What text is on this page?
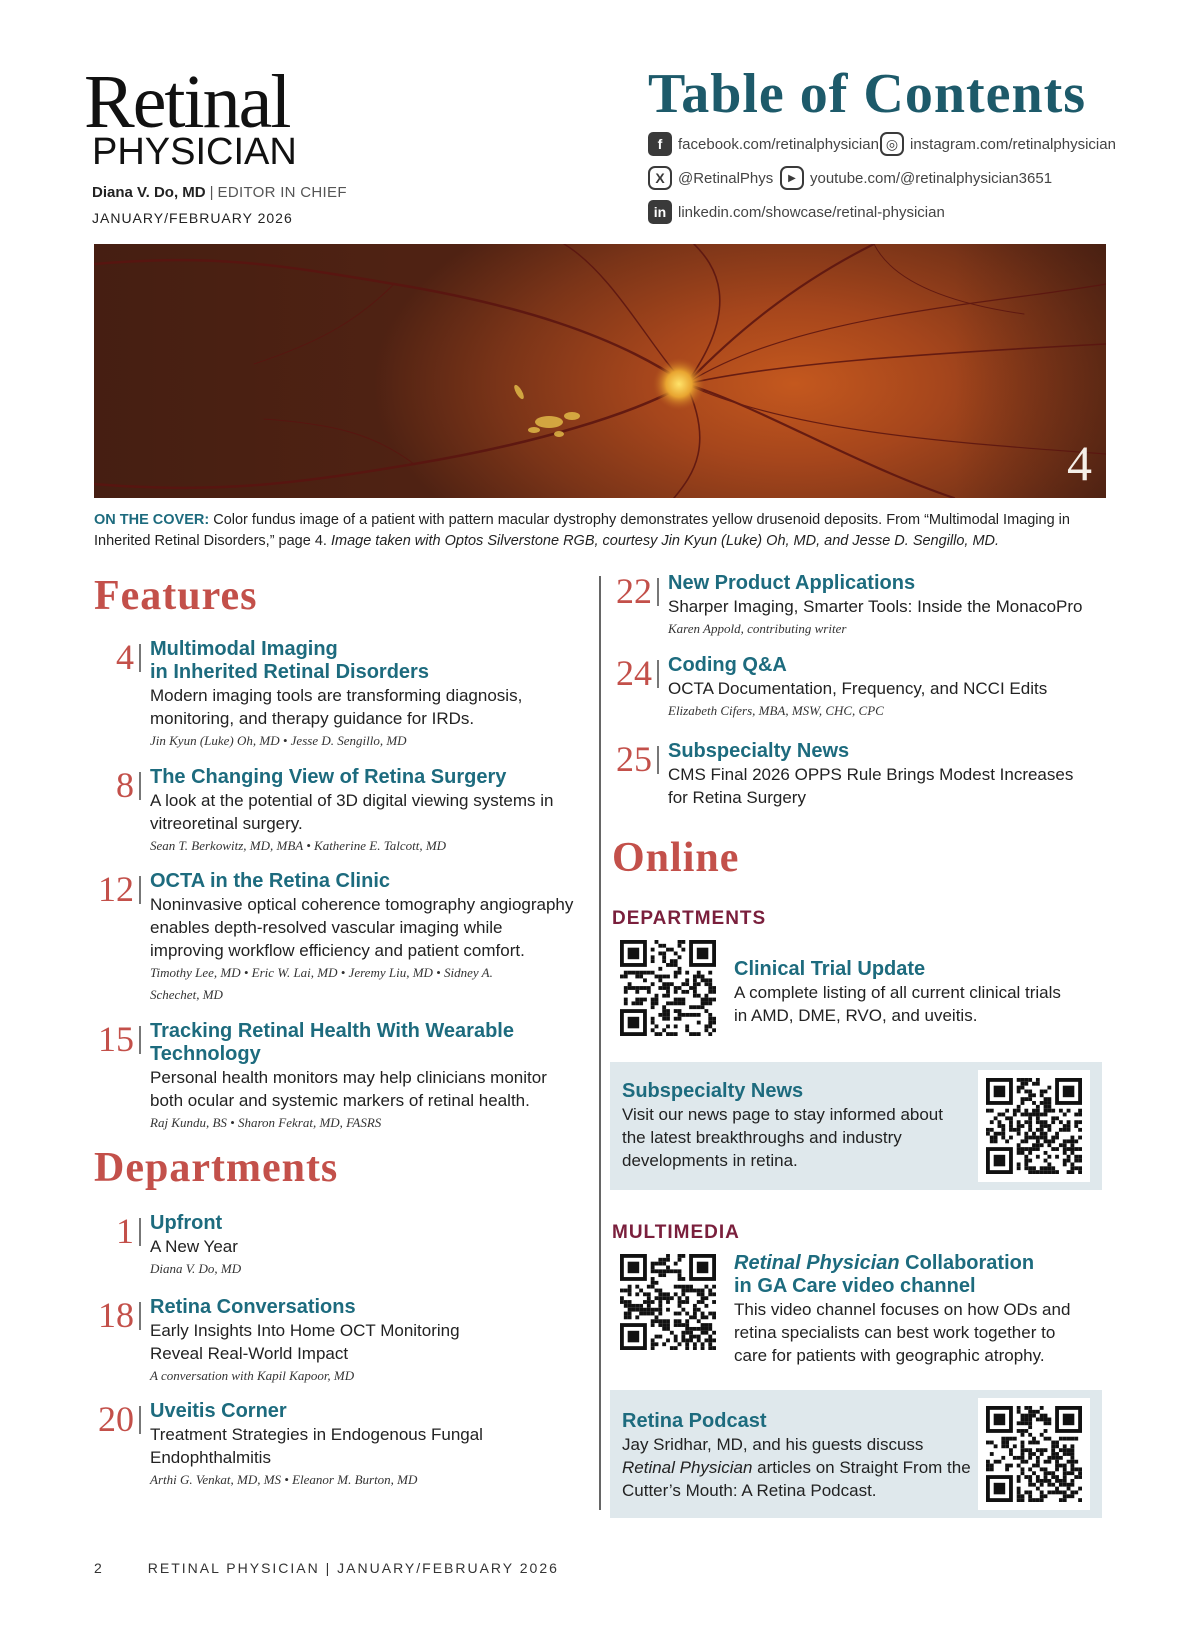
Retinal
PHYSICIAN
Diana V. Do, MD | EDITOR IN CHIEF
JANUARY/FEBRUARY 2026
Table of Contents
f	facebook.com/retinalphysician ◎ instagram.com/retinalphysician
X @RetinalPhys	▶ youtube.com/@retinalphysician3651
in linkedin.com/showcase/retinal-physician
4
ON THE COVER: Color fundus image of a patient with pattern macular dystrophy demonstrates yellow drusenoid deposits. From “Multimodal Imaging in Inherited Retinal Disorders,” page 4. Image taken with Optos Silverstone RGB, courtesy Jin Kyun (Luke) Oh, MD, and Jesse D. Sengillo, MD.
Features
4 Multimodal Imaging
in Inherited Retinal Disorders
Modern imaging tools are transforming diagnosis,
monitoring, and therapy guidance for IRDs.
Jin Kyun (Luke) Oh, MD • Jesse D. Sengillo, MD
8 The Changing View of Retina Surgery
A look at the potential of 3D digital viewing systems in
vitreoretinal surgery.
Sean T. Berkowitz, MD, MBA • Katherine E. Talcott, MD
12 OCTA in the Retina Clinic
Noninvasive optical coherence tomography angiography
enables depth-resolved vascular imaging while
improving workflow efficiency and patient comfort.
Timothy Lee, MD • Eric W. Lai, MD • Jeremy Liu, MD • Sidney A.
Schechet, MD
15 Tracking Retinal Health With Wearable
Technology
Personal health monitors may help clinicians monitor
both ocular and systemic markers of retinal health.
Raj Kundu, BS • Sharon Fekrat, MD, FASRS
Departments
1 Upfront
A New Year
Diana V. Do, MD
18 Retina Conversations
Early Insights Into Home OCT Monitoring
Reveal Real-World Impact
A conversation with Kapil Kapoor, MD
20 Uveitis Corner
Treatment Strategies in Endogenous Fungal
Endophthalmitis
Arthi G. Venkat, MD, MS • Eleanor M. Burton, MD
22 New Product Applications
Sharper Imaging, Smarter Tools: Inside the MonacoPro
Karen Appold, contributing writer
24 Coding Q&A
OCTA Documentation, Frequency, and NCCI Edits
Elizabeth Cifers, MBA, MSW, CHC, CPC
25 Subspecialty News
CMS Final 2026 OPPS Rule Brings Modest Increases
for Retina Surgery
Online
DEPARTMENTS
Clinical Trial Update
A complete listing of all current clinical trials
in AMD, DME, RVO, and uveitis.
Subspecialty News
Visit our news page to stay informed about
the latest breakthroughs and industry
developments in retina.
MULTIMEDIA
Retinal Physician Collaboration
in GA Care video channel
This video channel focuses on how ODs and
retina specialists can best work together to
care for patients with geographic atrophy.
Retina Podcast
Jay Sridhar, MD, and his guests discuss
Retinal Physician articles on Straight From the
Cutter’s Mouth: A Retina Podcast.
2	RETINAL PHYSICIAN | JANUARY/FEBRUARY 2026
